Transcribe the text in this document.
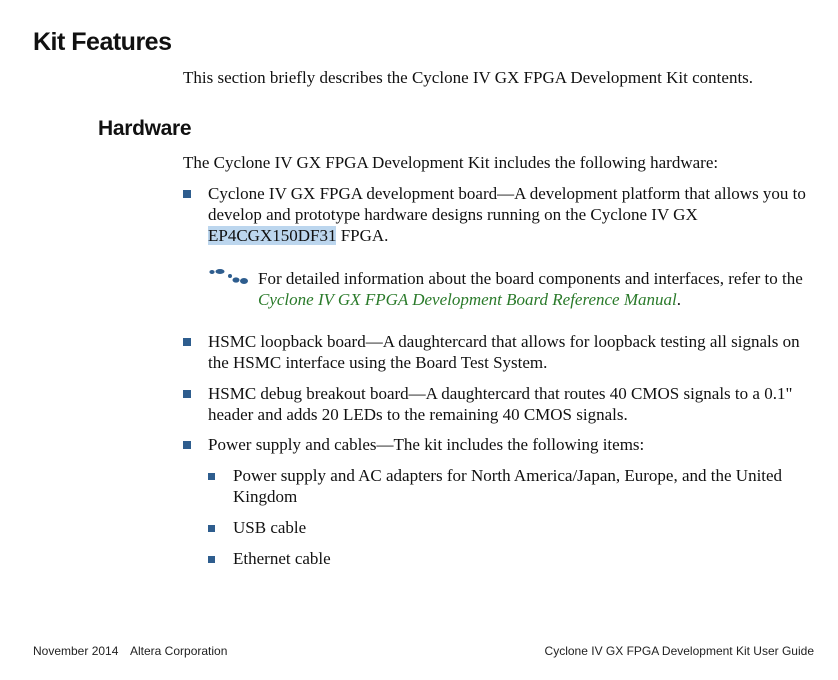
Kit Features
This section briefly describes the Cyclone IV GX FPGA Development Kit contents.
Hardware
The Cyclone IV GX FPGA Development Kit includes the following hardware:
Cyclone IV GX FPGA development board—A development platform that allows you to develop and prototype hardware designs running on the Cyclone IV GX EP4CGX150DF31 FPGA.
For detailed information about the board components and interfaces, refer to the Cyclone IV GX FPGA Development Board Reference Manual.
HSMC loopback board—A daughtercard that allows for loopback testing all signals on the HSMC interface using the Board Test System.
HSMC debug breakout board—A daughtercard that routes 40 CMOS signals to a 0.1" header and adds 20 LEDs to the remaining 40 CMOS signals.
Power supply and cables—The kit includes the following items:
Power supply and AC adapters for North America/Japan, Europe, and the United Kingdom
USB cable
Ethernet cable
November 2014 Altera Corporation	Cyclone IV GX FPGA Development Kit User Guide
